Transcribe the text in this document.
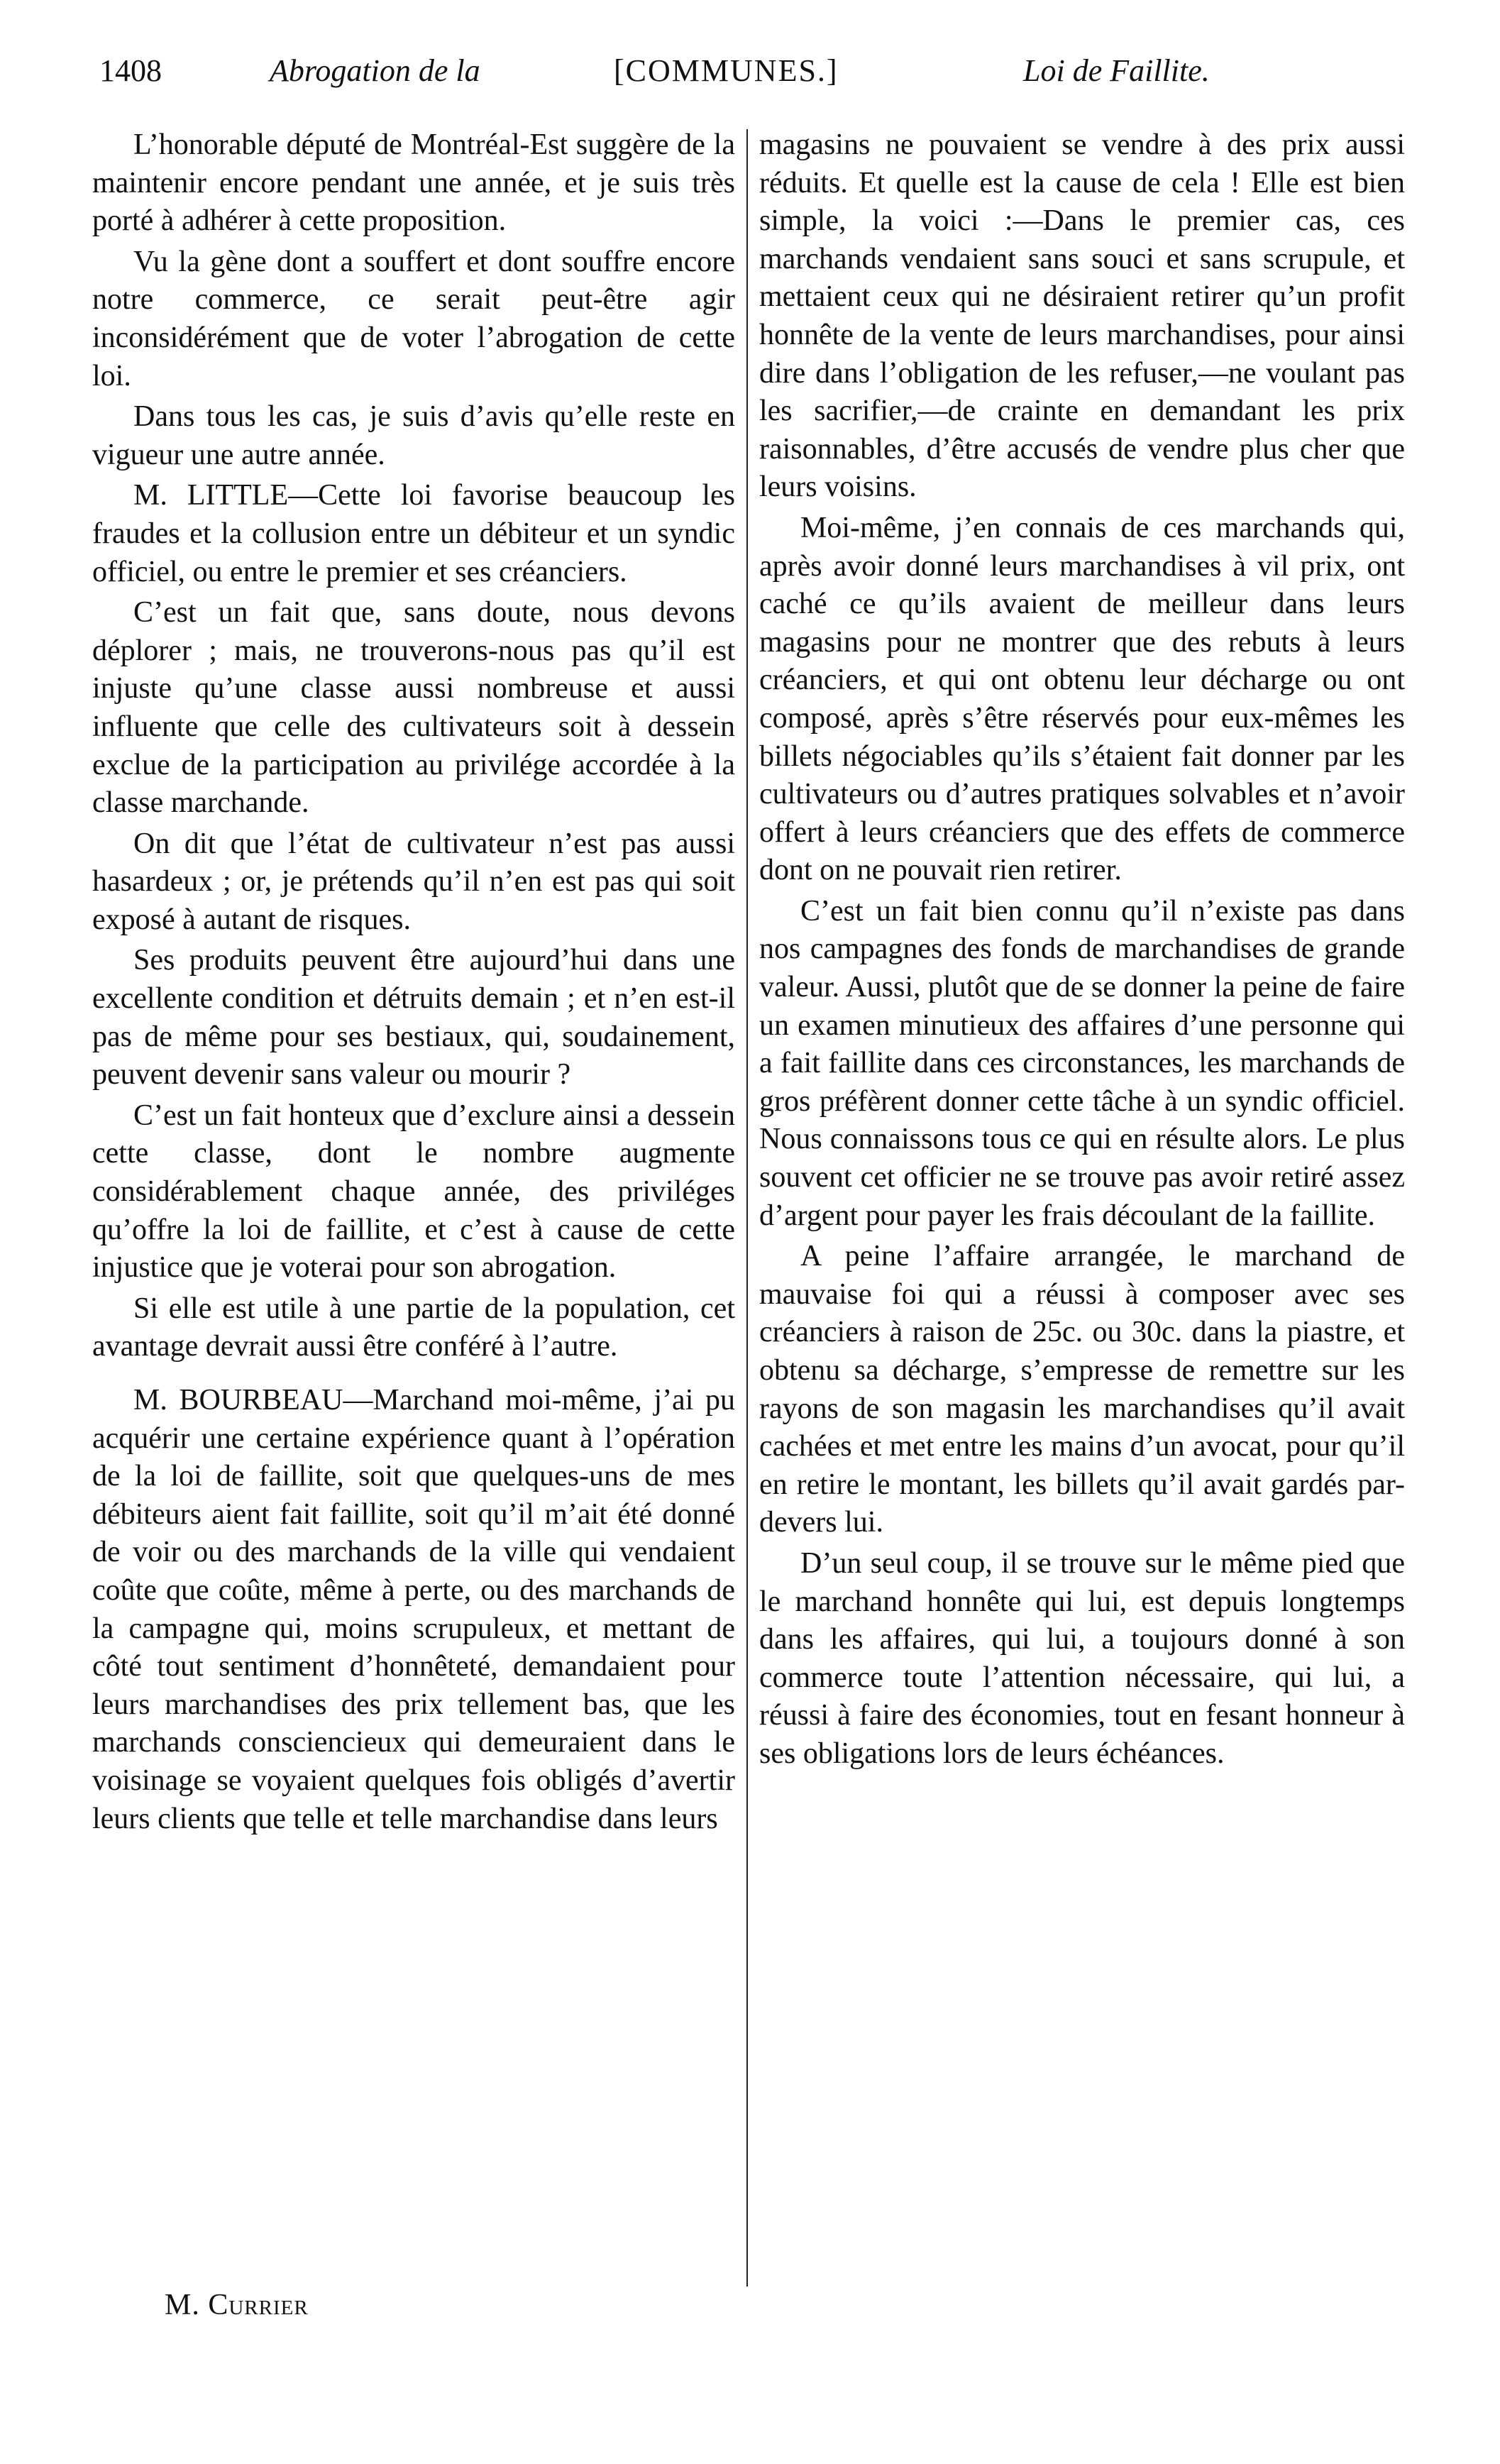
1408	Abrogation de la	[COMMUNES.]	Loi de Faillite.

L’honorable député de Montréal-Est suggère de la maintenir encore pendant une année, et je suis très porté à adhérer à cette proposition.

Vu la gène dont a souffert et dont souffre encore notre commerce, ce serait peut-être agir inconsidérément que de voter l’abrogation de cette loi.

Dans tous les cas, je suis d’avis qu’elle reste en vigueur une autre année.

M. LITTLE—Cette loi favorise beaucoup les fraudes et la collusion entre un débiteur et un syndic officiel, ou entre le premier et ses créanciers.

C’est un fait que, sans doute, nous devons déplorer ; mais, ne trouverons-nous pas qu’il est injuste qu’une classe aussi nombreuse et aussi influente que celle des cultivateurs soit à dessein exclue de la participation au privilége accordée à la classe marchande.

On dit que l’état de cultivateur n’est pas aussi hasardeux ; or, je prétends qu’il n’en est pas qui soit exposé à autant de risques.

Ses produits peuvent être aujourd’hui dans une excellente condition et détruits demain ; et n’en est-il pas de même pour ses bestiaux, qui, soudainement, peuvent devenir sans valeur ou mourir ?

C’est un fait honteux que d’exclure ainsi a dessein cette classe, dont le nombre augmente considérablement chaque année, des priviléges qu’offre la loi de faillite, et c’est à cause de cette injustice que je voterai pour son abrogation.

Si elle est utile à une partie de la population, cet avantage devrait aussi être conféré à l’autre.

M. BOURBEAU—Marchand moi-même, j’ai pu acquérir une certaine expérience quant à l’opération de la loi de faillite, soit que quelques-uns de mes débiteurs aient fait faillite, soit qu’il m’ait été donné de voir ou des marchands de la ville qui vendaient coûte que coûte, même à perte, ou des marchands de la campagne qui, moins scrupuleux, et mettant de côté tout sentiment d’honnêteté, demandaient pour leurs marchandises des prix tellement bas, que les marchands consciencieux qui demeuraient dans le voisinage se voyaient quelques fois obligés d’avertir leurs clients que telle et telle marchandise dans leurs

magasins ne pouvaient se vendre à des prix aussi réduits. Et quelle est la cause de cela ! Elle est bien simple, la voici :—Dans le premier cas, ces marchands vendaient sans souci et sans scrupule, et mettaient ceux qui ne désiraient retirer qu’un profit honnête de la vente de leurs marchandises, pour ainsi dire dans l’obligation de les refuser,—ne voulant pas les sacrifier,—de crainte en demandant les prix raisonnables, d’être accusés de vendre plus cher que leurs voisins.

Moi-même, j’en connais de ces marchands qui, après avoir donné leurs marchandises à vil prix, ont caché ce qu’ils avaient de meilleur dans leurs magasins pour ne montrer que des rebuts à leurs créanciers, et qui ont obtenu leur décharge ou ont composé, après s’être réservés pour eux-mêmes les billets négociables qu’ils s’étaient fait donner par les cultivateurs ou d’autres pratiques solvables et n’avoir offert à leurs créanciers que des effets de commerce dont on ne pouvait rien retirer.

C’est un fait bien connu qu’il n’existe pas dans nos campagnes des fonds de marchandises de grande valeur. Aussi, plutôt que de se donner la peine de faire un examen minutieux des affaires d’une personne qui a fait faillite dans ces circonstances, les marchands de gros préfèrent donner cette tâche à un syndic officiel. Nous connaissons tous ce qui en résulte alors. Le plus souvent cet officier ne se trouve pas avoir retiré assez d’argent pour payer les frais découlant de la faillite.

A peine l’affaire arrangée, le marchand de mauvaise foi qui a réussi à composer avec ses créanciers à raison de 25c. ou 30c. dans la piastre, et obtenu sa décharge, s’empresse de remettre sur les rayons de son magasin les marchandises qu’il avait cachées et met entre les mains d’un avocat, pour qu’il en retire le montant, les billets qu’il avait gardés par-devers lui.

D’un seul coup, il se trouve sur le même pied que le marchand honnête qui lui, est depuis longtemps dans les affaires, qui lui, a toujours donné à son commerce toute l’attention nécessaire, qui lui, a réussi à faire des économies, tout en fesant honneur à ses obligations lors de leurs échéances.

M. Currier
